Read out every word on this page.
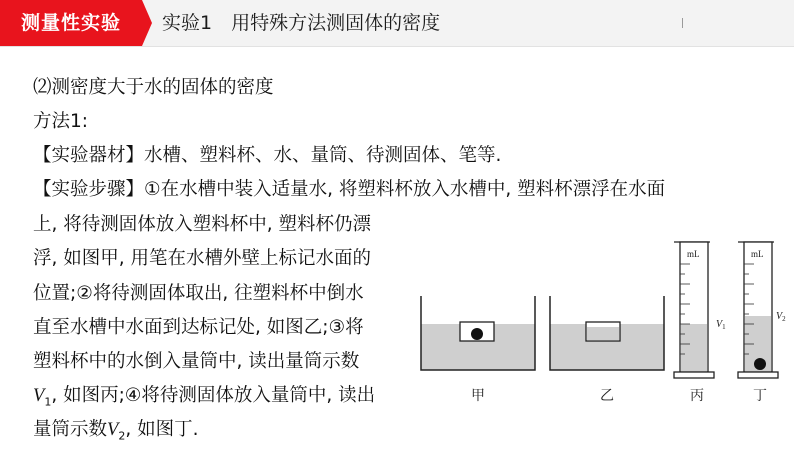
测量性实验	实验1　用特殊方法测固体的密度
⑵测密度大于水的固体的密度
方法1:
【实验器材】水槽、塑料杯、水、量筒、待测固体、笔等.
【实验步骤】①在水槽中装入适量水, 将塑料杯放入水槽中, 塑料杯漂浮在水面
上, 将待测固体放入塑料杯中, 塑料杯仍漂
浮, 如图甲, 用笔在水槽外壁上标记水面的
位置;②将待测固体取出, 往塑料杯中倒水
直至水槽中水面到达标记处, 如图乙;③将
塑料杯中的水倒入量筒中, 读出量筒示数
$V_1$, 如图丙;④将待测固体放入量筒中, 读出
量筒示数$V_2$, 如图丁.
甲	乙
mL
$V_1$
丙
mL
$V_2$
丁
